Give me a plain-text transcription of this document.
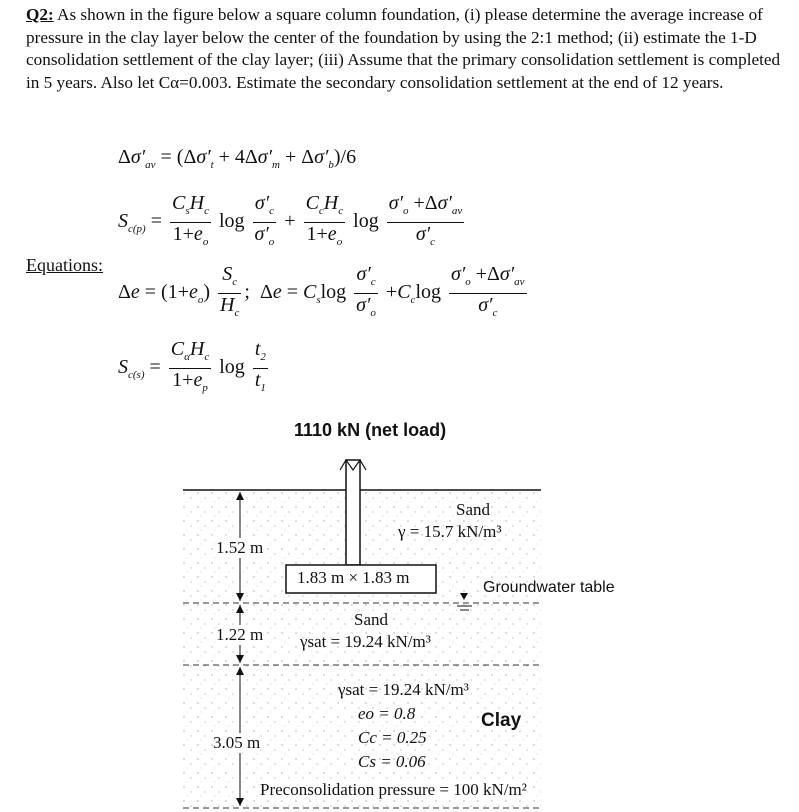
Q2: As shown in the figure below a square column foundation, (i) please determine the average increase of pressure in the clay layer below the center of the foundation by using the 2:1 method; (ii) estimate the 1-D consolidation settlement of the clay layer; (iii) Assume that the primary consolidation settlement is completed in 5 years. Also let Cα=0.003. Estimate the secondary consolidation settlement at the end of 12 years.
$\Delta\sigma'_{av} = (\Delta\sigma'_t + 4\Delta\sigma'_m + \Delta\sigma'_b)/6$
$S_{c(p)} = \frac{C_sH_c}{1+e_o}$ $\log \frac{\sigma'_c}{\sigma'_o} + \frac{C_cH_c}{1+e_o}$ $\log \frac{\sigma'_o +\Delta\sigma'_{av}}{\sigma'_c}$
Equations:
$\Delta e = (1+e_o) \frac{S_c}{H_c}$ ;  $\Delta e = C_s\log \frac{\sigma'_c}{\sigma'_o} +C_c\log \frac{\sigma'_o +\Delta\sigma'_{av}}{\sigma'_c}$
$S_{c(s)} = \frac{C_\alpha H_c}{1+e_p}$ $\log \frac{t_2}{t_1}$
1110 kN (net load)
Sand
γ = 15.7 kN/m³
1.52 m
1.83 m × 1.83 m
Groundwater table
Sand
1.22 m γsat = 19.24 kN/m³
γsat = 19.24 kN/m³
eo = 0.8
Cc = 0.25
Cs = 0.06
Clay
3.05 m
Preconsolidation pressure = 100 kN/m²
